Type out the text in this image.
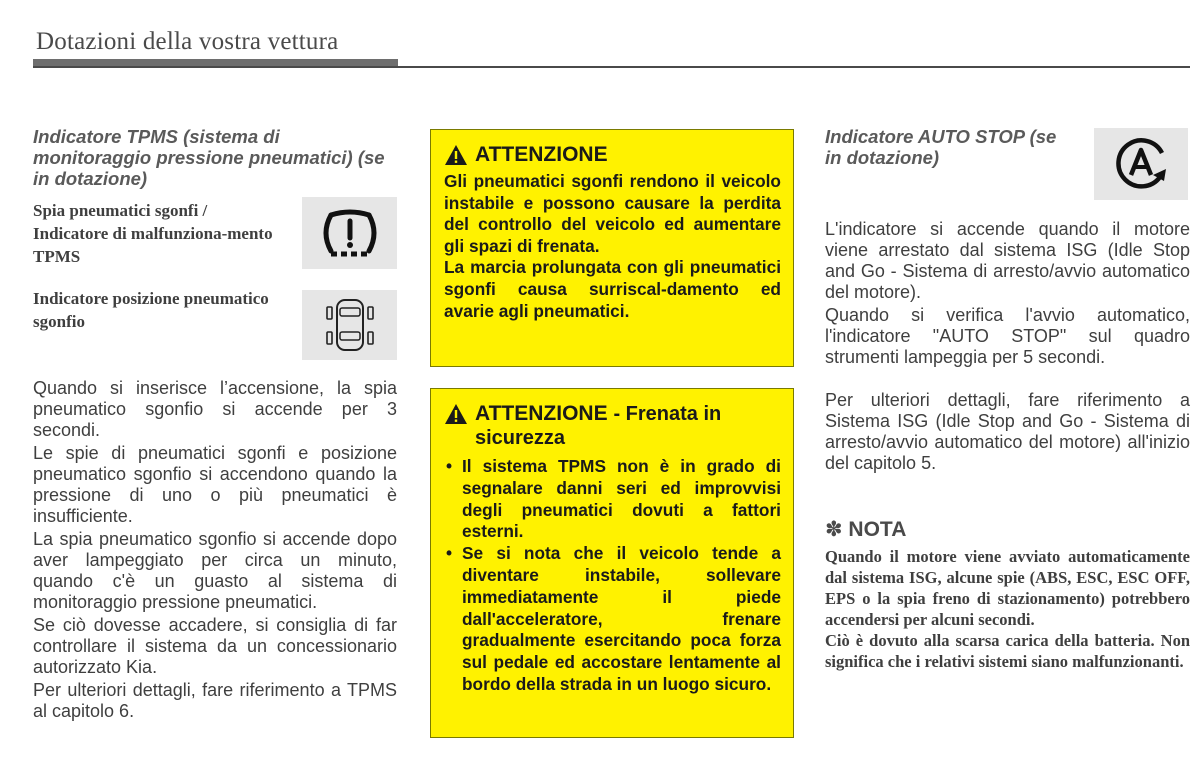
Dotazioni della vostra vettura
Indicatore TPMS (sistema di monitoraggio pressione pneumatici) (se in dotazione)
Spia pneumatici sgonfi / Indicatore di malfunziona-mento TPMS
Indicatore posizione pneumatico sgonfio

Quando si inserisce l’accensione, la spia pneumatico sgonfio si accende per 3 secondi.

Le spie di pneumatici sgonfi e posizione pneumatico sgonfio si accendono quando la pressione di uno o più pneumatici è insufficiente.

La spia pneumatico sgonfio si accende dopo aver lampeggiato per circa un minuto, quando c'è un guasto al sistema di monitoraggio pressione pneumatici.

Se ciò dovesse accadere, si consiglia di far controllare il sistema da un concessionario autorizzato Kia.

Per ulteriori dettagli, fare riferimento a TPMS al capitolo 6.

ATTENZIONE

Gli pneumatici sgonfi rendono il veicolo instabile e possono causare la perdita del controllo del veicolo ed aumentare gli spazi di frenata.

La marcia prolungata con gli pneumatici sgonfi causa surriscal-damento ed avarie agli pneumatici.

ATTENZIONE - Frenata in sicurezza
• Il sistema TPMS non è in grado di segnalare danni seri ed improvvisi degli pneumatici dovuti a fattori esterni.
• Se si nota che il veicolo tende a diventare instabile, sollevare immediatamente il piede dall'acceleratore, frenare gradualmente esercitando poca forza sul pedale ed accostare lentamente al bordo della strada in un luogo sicuro.
Indicatore AUTO STOP (se in dotazione)

L'indicatore si accende quando il motore viene arrestato dal sistema ISG (Idle Stop and Go - Sistema di arresto/avvio automatico del motore).

Quando si verifica l'avvio automatico, l'indicatore "AUTO STOP" sul quadro strumenti lampeggia per 5 secondi.

Per ulteriori dettagli, fare riferimento a Sistema ISG (Idle Stop and Go - Sistema di arresto/avvio automatico del motore) all'inizio del capitolo 5.

✽ NOTA

Quando il motore viene avviato automaticamente dal sistema ISG, alcune spie (ABS, ESC, ESC OFF, EPS o la spia freno di stazionamento) potrebbero accendersi per alcuni secondi.

Ciò è dovuto alla scarsa carica della batteria. Non significa che i relativi sistemi siano malfunzionanti.
